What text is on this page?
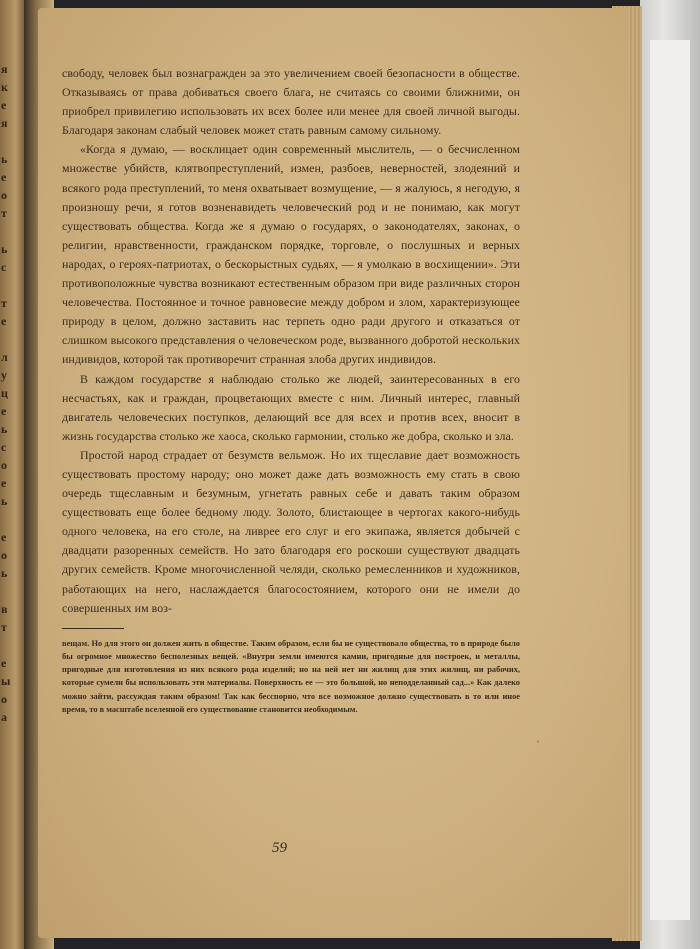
я
к
е
я
ь
е
о
т
ь
с
т
е
л
у
ц
е
ь
с
о
е
ь
е
о
ь
в
т
е
ы
о
а

свободу, человек был вознагражден за это увеличением своей безопасности в обществе. Отказываясь от права добиваться своего блага, не считаясь со своими ближними, он приобрел привилегию использовать их всех более или менее для своей личной выгоды. Благодаря законам слабый человек может стать равным самому сильному.

«Когда я думаю, — восклицает один современный мыслитель, — о бесчисленном множестве убийств, клятвопреступлений, измен, разбоев, неверностей, злодеяний и всякого рода преступлений, то меня охватывает возмущение, — я жалуюсь, я негодую, я произношу речи, я готов возненавидеть человеческий род и не понимаю, как могут существовать общества. Когда же я думаю о государях, о законодателях, законах, о религии, нравственности, гражданском порядке, торговле, о послушных и верных народах, о героях-патриотах, о бескорыстных судьях, — я умолкаю в восхищении». Эти противоположные чувства возникают естественным образом при виде различных сторон человечества. Постоянное и точное равновесие между добром и злом, характеризующее природу в целом, должно заставить нас терпеть одно ради другого и отказаться от слишком высокого представления о человеческом роде, вызванного добротой нескольких индивидов, которой так противоречит странная злоба других индивидов.

В каждом государстве я наблюдаю столько же людей, заинтересованных в его несчастьях, как и граждан, процветающих вместе с ним. Личный интерес, главный двигатель человеческих поступков, делающий все для всех и против всех, вносит в жизнь государства столько же хаоса, сколько гармонии, столько же добра, сколько и зла.

Простой народ страдает от безумств вельмож. Но их тщеславие дает возможность существовать простому народу; оно может даже дать возможность ему стать в свою очередь тщеславным и безумным, угнетать равных себе и давать таким образом существовать еще более бедному люду. Золото, блистающее в чертогах какого-нибудь одного человека, на его столе, на ливрее его слуг и его экипажа, является добычей с двадцати разоренных семейств. Но зато благодаря его роскоши существуют двадцать других семейств. Кроме многочисленной челяди, сколько ремесленников и художников, работающих на него, наслаждается благосостоянием, которого они не имели до совершенных им воз-

вещам. Но для этого он должен жить в обществе. Таким образом, если бы не существовало общества, то в природе было бы огромное множество бесполезных вещей. «Внутри земли имеются камни, пригодные для построек, и металлы, пригодные для изготовления из них всякого рода изделий; но на ней нет ни жилищ для этих жилищ, ни рабочих, которые сумели бы использовать эти материалы. Поверхность ее — это большой, но неподделанный сад...» Как далеко можно зайти, рассуждая таким образом! Так как бесспорно, что все возможное должно существовать в то или иное время, то в масштабе вселенной его существование становится необходимым.

59
ʾ
